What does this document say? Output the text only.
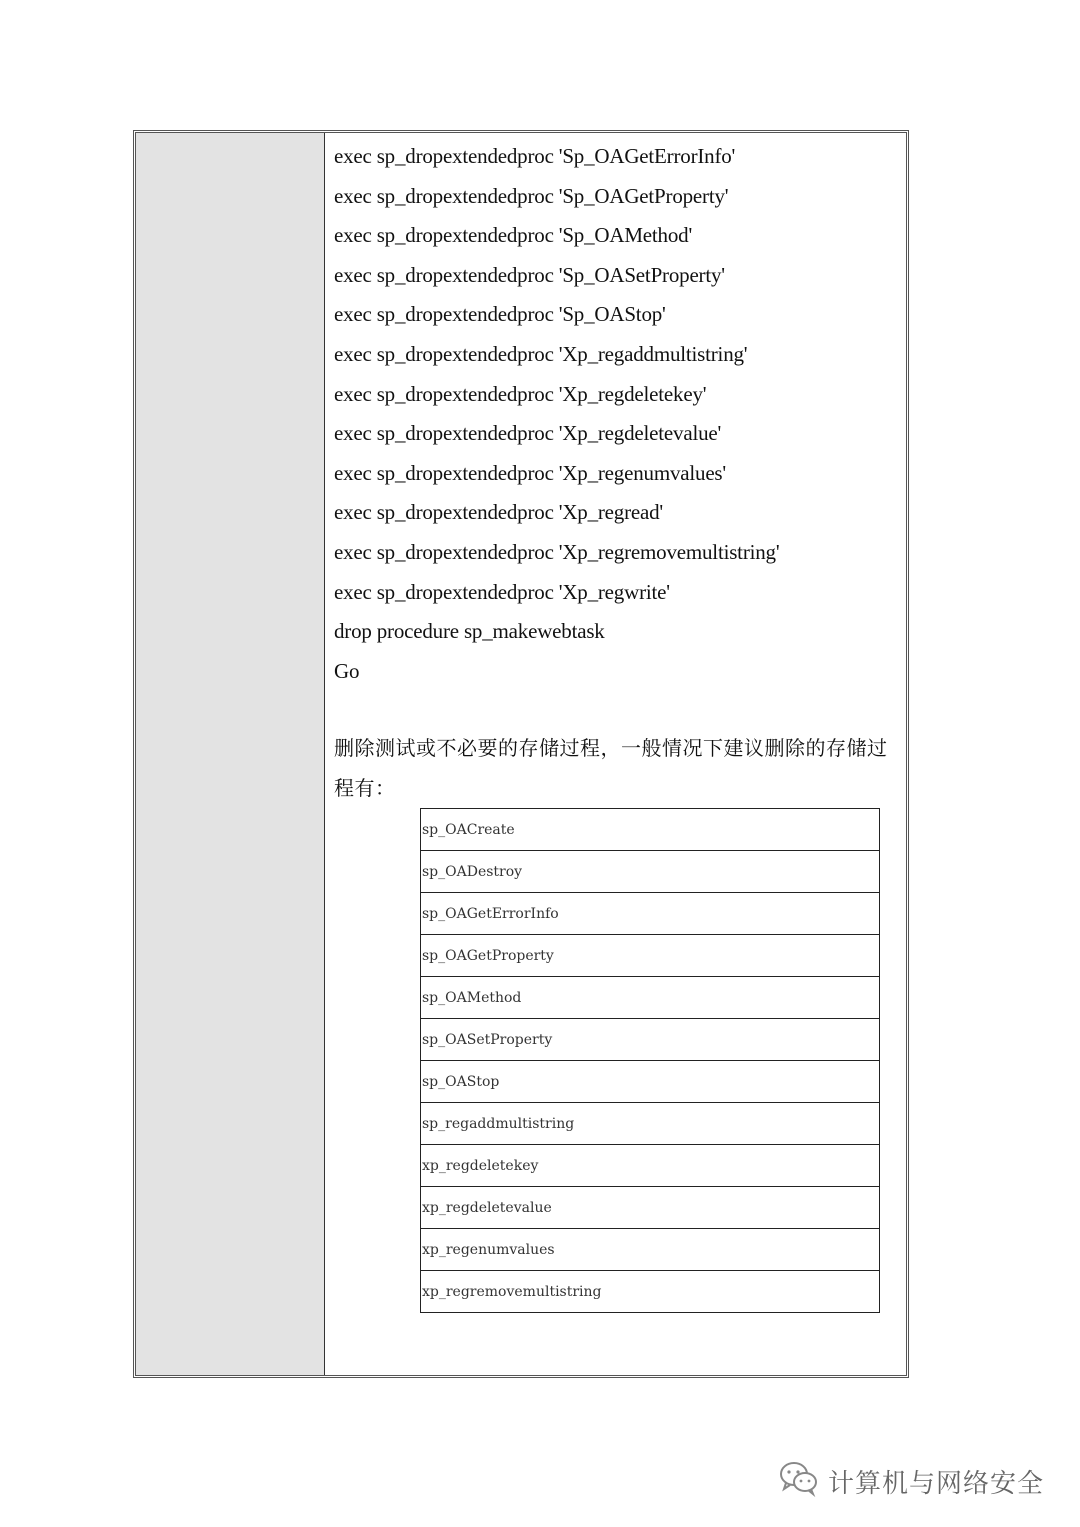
exec sp_dropextendedproc 'Sp_OAGetErrorInfo'
exec sp_dropextendedproc 'Sp_OAGetProperty'
exec sp_dropextendedproc 'Sp_OAMethod'
exec sp_dropextendedproc 'Sp_OASetProperty'
exec sp_dropextendedproc 'Sp_OAStop'
exec sp_dropextendedproc 'Xp_regaddmultistring'
exec sp_dropextendedproc 'Xp_regdeletekey'
exec sp_dropextendedproc 'Xp_regdeletevalue'
exec sp_dropextendedproc 'Xp_regenumvalues'
exec sp_dropextendedproc 'Xp_regread'
exec sp_dropextendedproc 'Xp_regremovemultistring'
exec sp_dropextendedproc 'Xp_regwrite'
drop procedure sp_makewebtask
Go
删除测试或不必要的存储过程，一般情况下建议删除的存储过程有：
sp_OACreate
sp_OADestroy
sp_OAGetErrorInfo
sp_OAGetProperty
sp_OAMethod
sp_OASetProperty
sp_OAStop
sp_regaddmultistring
xp_regdeletekey
xp_regdeletevalue
xp_regenumvalues
xp_regremovemultistring
计算机与网络安全
